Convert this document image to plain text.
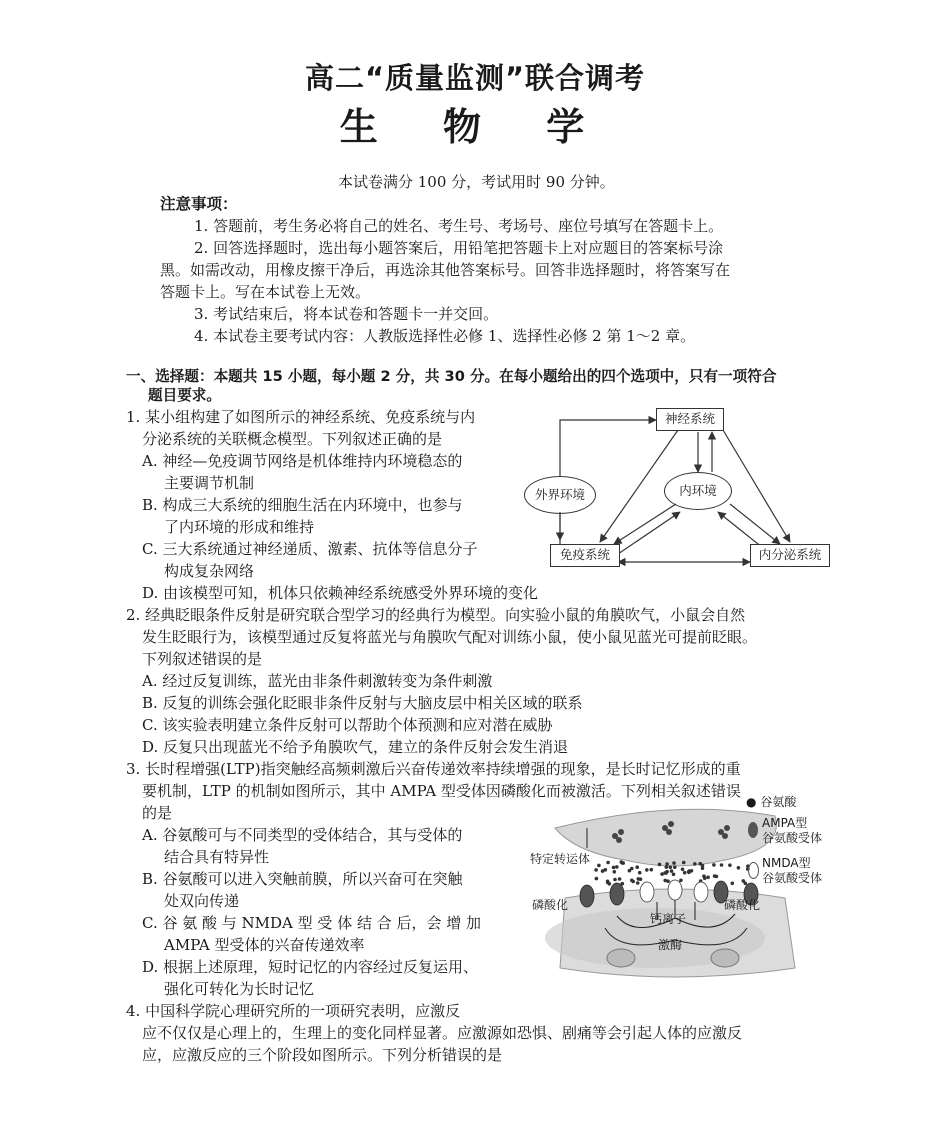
高二“质量监测”联合调考
生 物 学
本试卷满分 100 分，考试用时 90 分钟。
注意事项：
1. 答题前，考生务必将自己的姓名、考生号、考场号、座位号填写在答题卡上。
2. 回答选择题时，选出每小题答案后，用铅笔把答题卡上对应题目的答案标号涂
黑。如需改动，用橡皮擦干净后，再选涂其他答案标号。回答非选择题时，将答案写在
答题卡上。写在本试卷上无效。
3. 考试结束后，将本试卷和答题卡一并交回。
4. 本试卷主要考试内容：人教版选择性必修 1、选择性必修 2 第 1～2 章。
一、选择题：本题共 15 小题，每小题 2 分，共 30 分。在每小题给出的四个选项中，只有一项符合
题目要求。
1. 某小组构建了如图所示的神经系统、免疫系统与内
分泌系统的关联概念模型。下列叙述正确的是
A. 神经—免疫调节网络是机体维持内环境稳态的
主要调节机制
B. 构成三大系统的细胞生活在内环境中，也参与
了内环境的形成和维持
C. 三大系统通过神经递质、激素、抗体等信息分子
构成复杂网络
D. 由该模型可知，机体只依赖神经系统感受外界环境的变化
神经系统
外界环境	内环境
免疫系统	内分泌系统
2. 经典眨眼条件反射是研究联合型学习的经典行为模型。向实验小鼠的角膜吹气，小鼠会自然
发生眨眼行为，该模型通过反复将蓝光与角膜吹气配对训练小鼠，使小鼠见蓝光可提前眨眼。
下列叙述错误的是
A. 经过反复训练，蓝光由非条件刺激转变为条件刺激
B. 反复的训练会强化眨眼非条件反射与大脑皮层中相关区域的联系
C. 该实验表明建立条件反射可以帮助个体预测和应对潜在威胁
D. 反复只出现蓝光不给予角膜吹气，建立的条件反射会发生消退
3. 长时程增强(LTP)指突触经高频刺激后兴奋传递效率持续增强的现象，是长时记忆形成的重
要机制，LTP 的机制如图所示，其中 AMPA 型受体因磷酸化而被激活。下列相关叙述错误
的是
A. 谷氨酸可与不同类型的受体结合，其与受体的
结合具有特异性
B. 谷氨酸可以进入突触前膜，所以兴奋可在突触
处双向传递
C. 谷 氨 酸 与 NMDA 型 受 体 结 合 后，会 增 加
AMPA 型受体的兴奋传递效率
D. 根据上述原理，短时记忆的内容经过反复运用、
强化可转化为长时记忆
● 谷氨酸
AMPA型
谷氨酸受体
NMDA型
谷氨酸受体
特定转运体
磷酸化	磷酸化
钙离子
激酶
4. 中国科学院心理研究所的一项研究表明，应激反
应不仅仅是心理上的，生理上的变化同样显著。应激源如恐惧、剧痛等会引起人体的应激反
应，应激反应的三个阶段如图所示。下列分析错误的是
